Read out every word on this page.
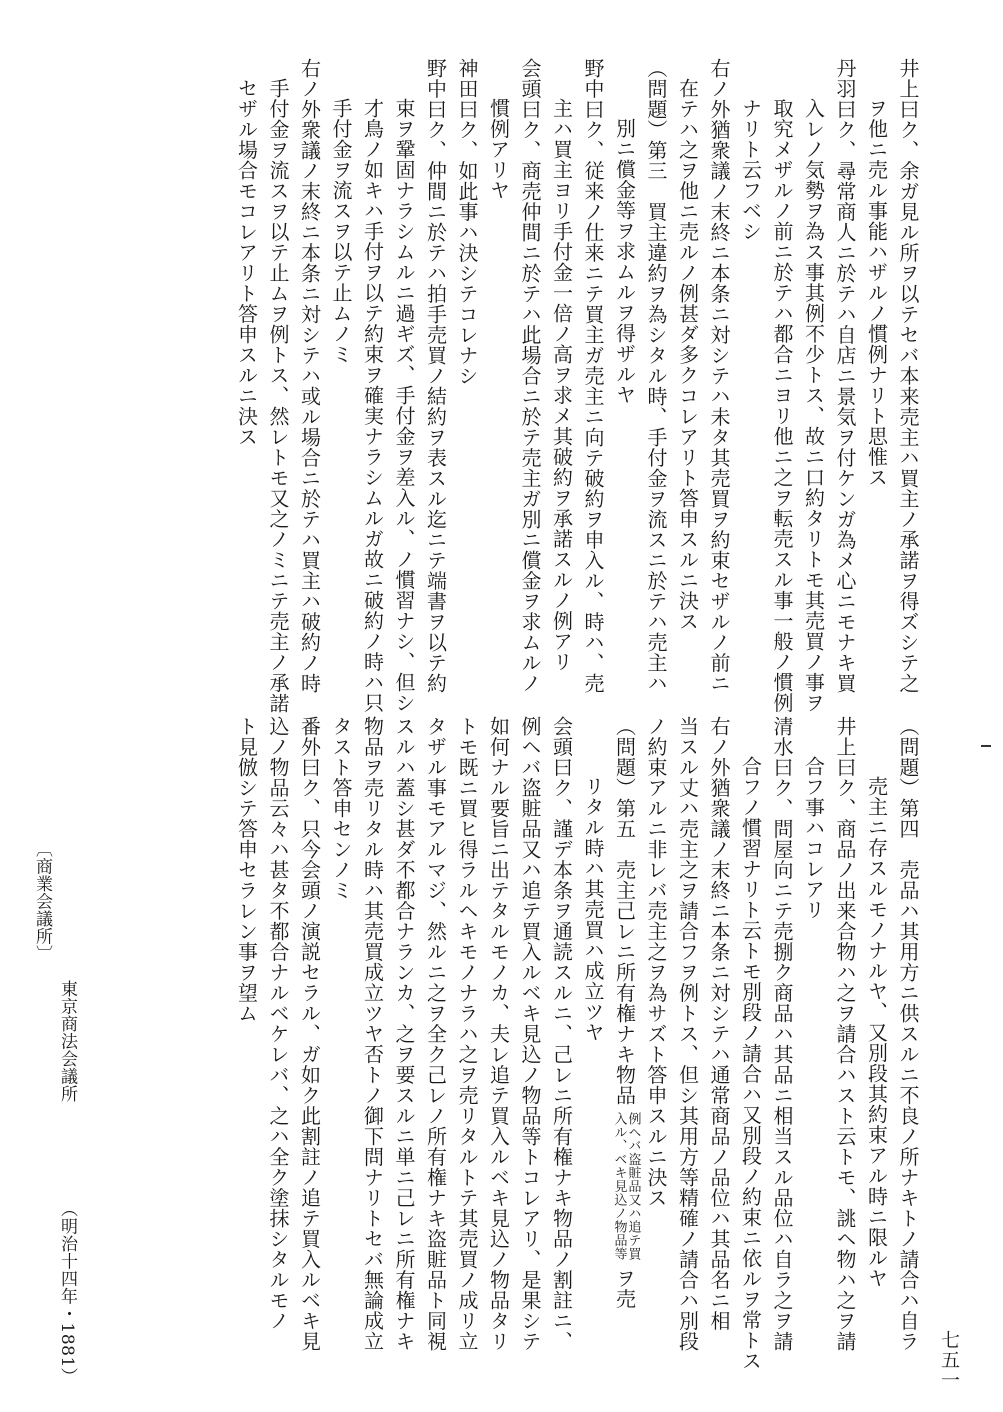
井上曰ク、余ガ見ル所ヲ以テセバ本来売主ハ買主ノ承諾ヲ得ズシテ之
ヲ他ニ売ル事能ハザルノ慣例ナリト思惟ス
丹羽曰ク、尋常商人ニ於テハ自店ニ景気ヲ付ケンガ為メ心ニモナキ買
入レノ気勢ヲ為ス事其例不少トス、故ニ口約タリトモ其売買ノ事ヲ
取究メザルノ前ニ於テハ都合ニヨリ他ニ之ヲ転売スル事一般ノ慣例
ナリト云フベシ
右ノ外猶衆議ノ末終ニ本条ニ対シテハ未タ其売買ヲ約束セザルノ前ニ
在テハ之ヲ他ニ売ルノ例甚ダ多クコレアリト答申スルニ決ス
（問題）第三　買主違約ヲ為シタル時、手付金ヲ流スニ於テハ売主ハ
別ニ償金等ヲ求ムルヲ得ザルヤ
野中曰ク、従来ノ仕来ニテ買主ガ売主ニ向テ破約ヲ申入ル、時ハ、売
主ハ買主ヨリ手付金一倍ノ高ヲ求メ其破約ヲ承諾スルノ例アリ
会頭曰ク、商売仲間ニ於テハ此場合ニ於テ売主ガ別ニ償金ヲ求ムルノ
慣例アリヤ
神田曰ク、如此事ハ決シテコレナシ
野中曰ク、仲間ニ於テハ拍手売買ノ結約ヲ表スル迄ニテ端書ヲ以テ約
束ヲ鞏固ナラシムルニ過ギズ、手付金ヲ差入ル、ノ慣習ナシ、但シ
才鳥ノ如キハ手付ヲ以テ約束ヲ確実ナラシムルガ故ニ破約ノ時ハ只
手付金ヲ流スヲ以テ止ムノミ
右ノ外衆議ノ末終ニ本条ニ対シテハ或ル場合ニ於テハ買主ハ破約ノ時
手付金ヲ流スヲ以テ止ムヲ例トス、然レトモ又之ノミニテ売主ノ承諾
セザル場合モコレアリト答申スルニ決ス
（問題）第四　売品ハ其用方ニ供スルニ不良ノ所ナキトノ請合ハ自ラ
売主ニ存スルモノナルヤ、又別段其約束アル時ニ限ルヤ
井上曰ク、商品ノ出来合物ハ之ヲ請合ハスト云トモ、誂ヘ物ハ之ヲ請
合フ事ハコレアリ
清水曰ク、問屋向ニテ売捌ク商品ハ其品ニ相当スル品位ハ自ラ之ヲ請
合フノ慣習ナリト云トモ別段ノ請合ハ又別段ノ約束ニ依ルヲ常トス
右ノ外猶衆議ノ末終ニ本条ニ対シテハ通常商品ノ品位ハ其品名ニ相
当スル丈ハ売主之ヲ請合フヲ例トス、但シ其用方等精確ノ請合ハ別段
ノ約束アルニ非レバ売主之ヲ為サズト答申スルニ決ス
（問題）第五　売主己レニ所有権ナキ物品
例ヘバ盗賍品又ハ追テ買
入ル、ベキ見込ノ物品等
ヲ売
リタル時ハ其売買ハ成立ツヤ
会頭曰ク、謹デ本条ヲ通読スルニ、己レニ所有権ナキ物品ノ割註ニ、
例ヘバ盗賍品又ハ追テ買入ルベキ見込ノ物品等トコレアリ、是果シテ
如何ナル要旨ニ出テタルモノカ、夫レ追テ買入ルベキ見込ノ物品タリ
トモ既ニ買ヒ得ラルヘキモノナラハ之ヲ売リタルトテ其売買ノ成リ立
タザル事モアルマジ、然ルニ之ヲ全ク己レノ所有権ナキ盗賍品ト同視
スルハ蓋シ甚ダ不都合ナランカ、之ヲ要スルニ単ニ己レニ所有権ナキ
物品ヲ売リタル時ハ其売買成立ツヤ否トノ御下問ナリトセバ無論成立
タスト答申センノミ
番外曰ク、只今会頭ノ演説セラル、ガ如ク此割註ノ追テ買入ルベキ見
込ノ物品云々ハ甚タ不都合ナルベケレバ、之ハ全ク塗抹シタルモノ
ト見倣シテ答申セラレン事ヲ望ム
〔商業会議所〕
東京商法会議所
（明治十四年・1881）	七五一
